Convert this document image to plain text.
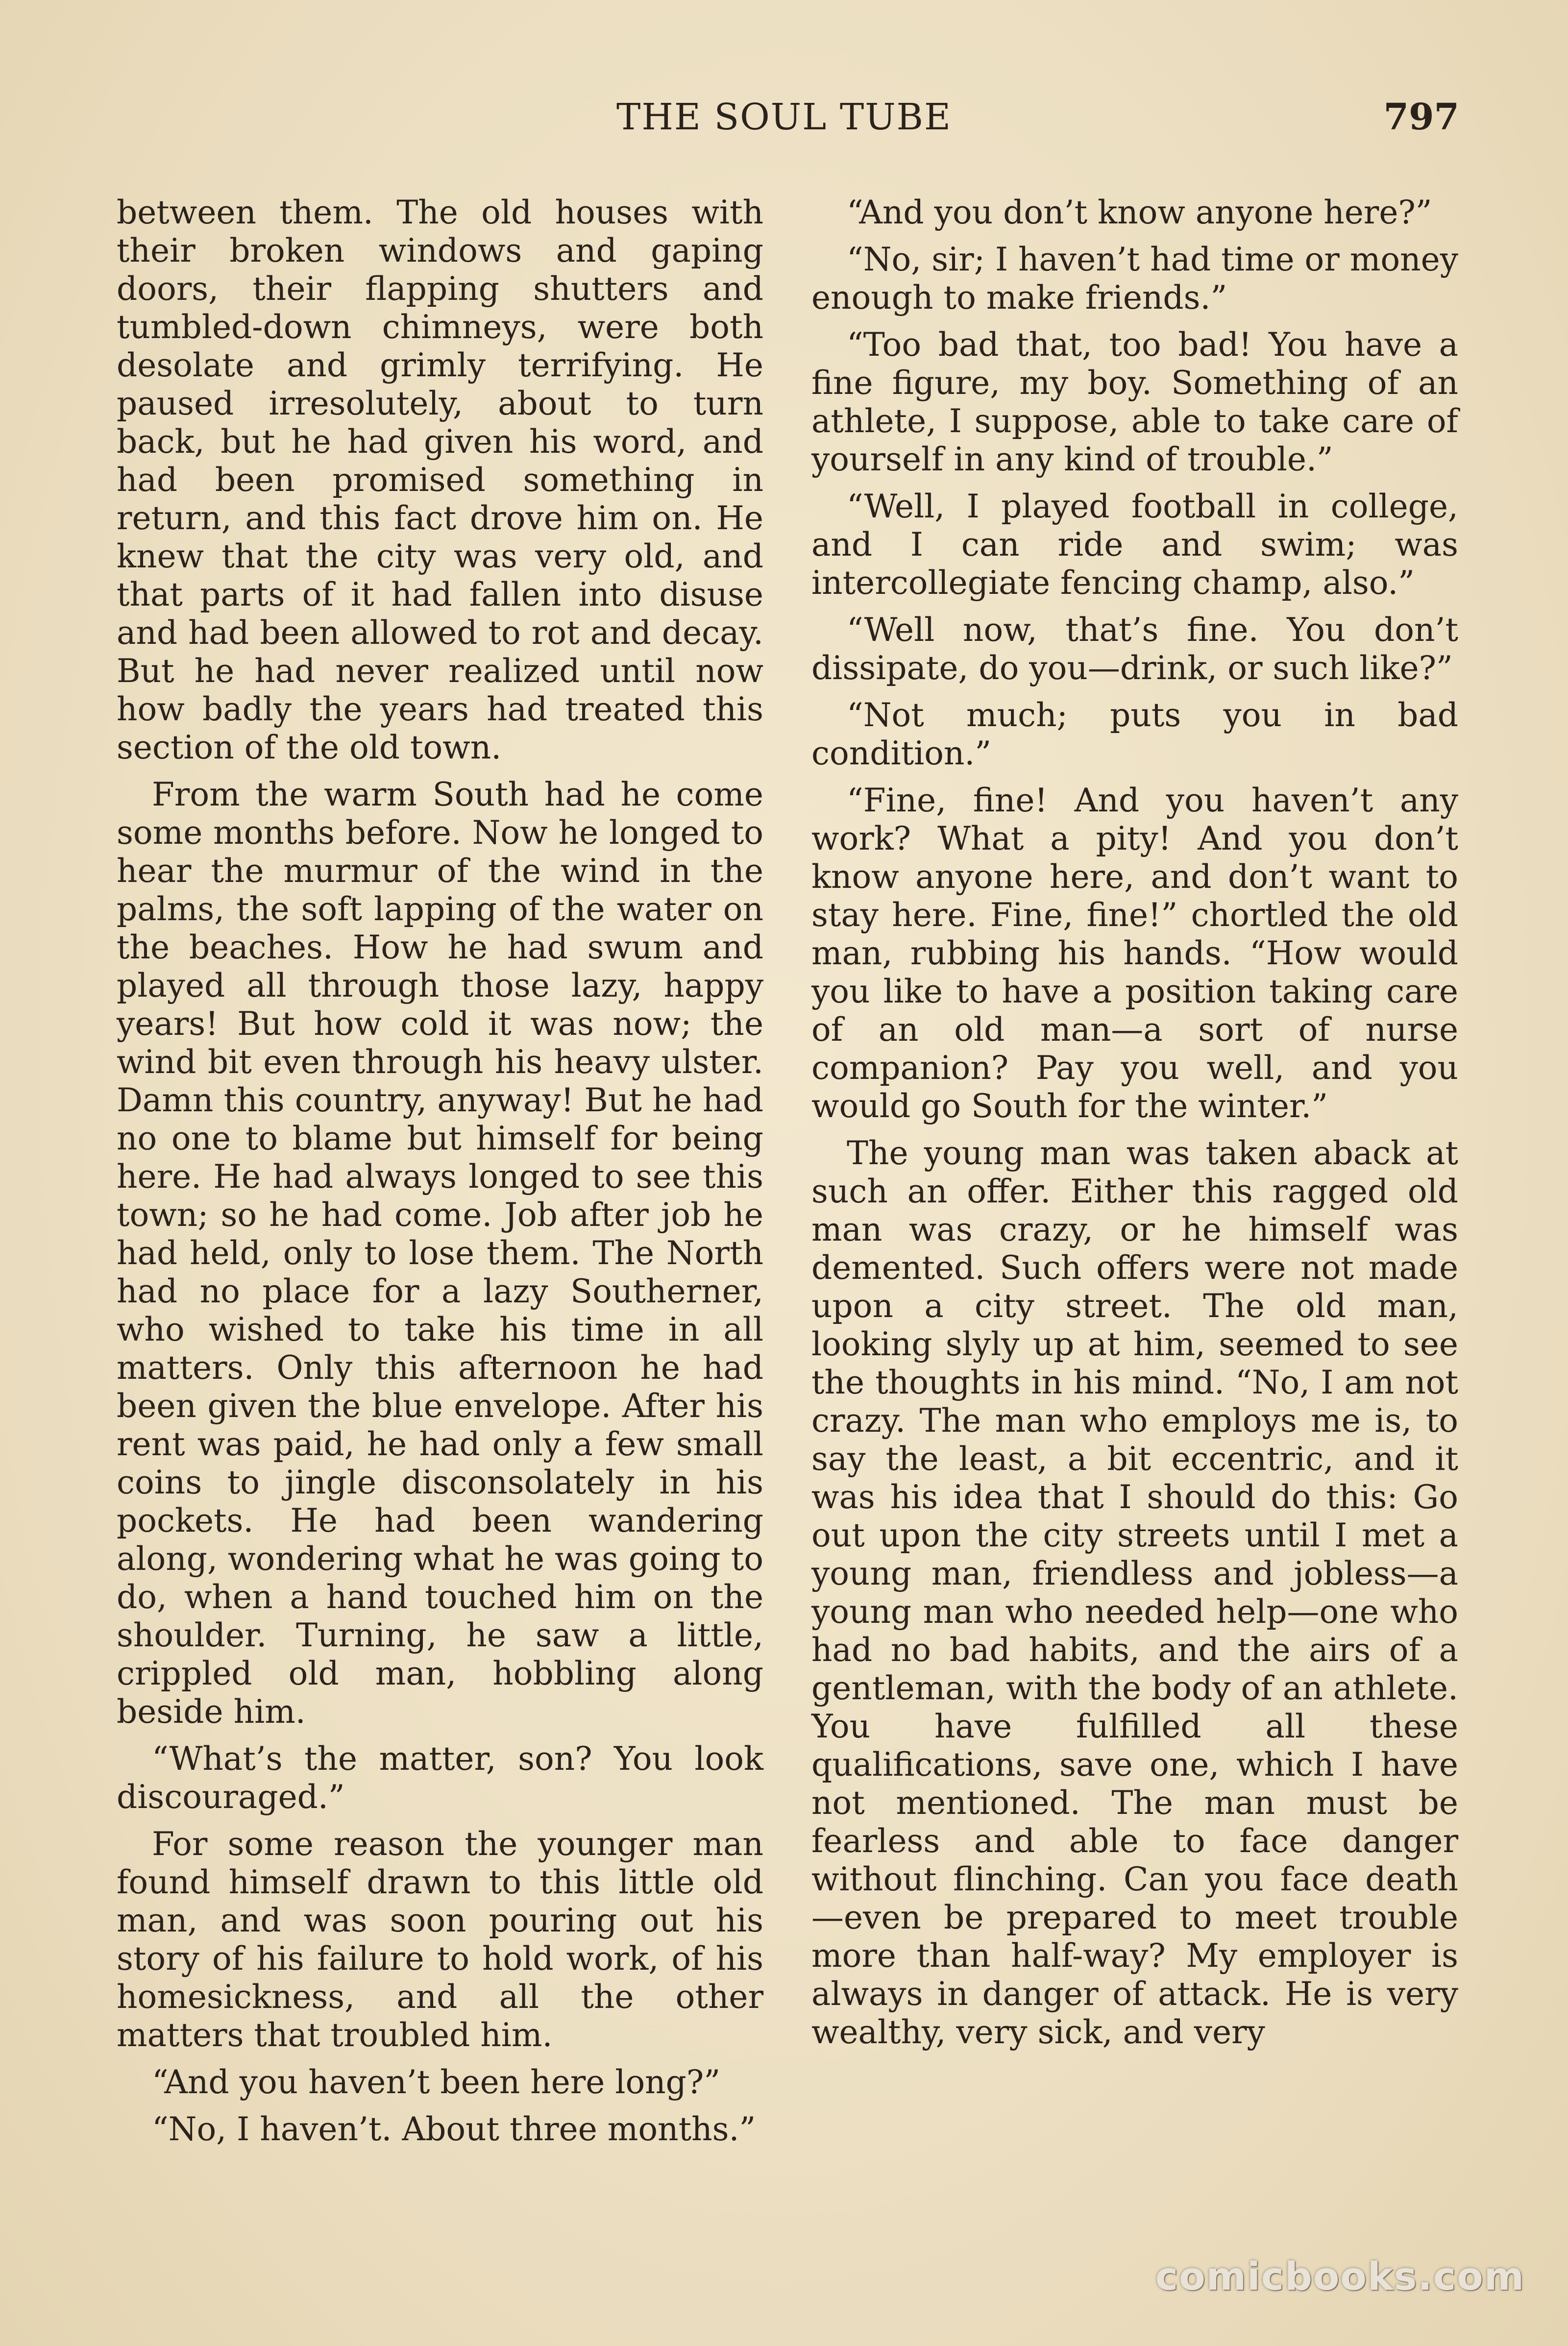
THE SOUL TUBE	797

between them. The old houses with their broken windows and gaping doors, their flapping shutters and tumbled-down chimneys, were both desolate and grimly terrifying. He paused irresolutely, about to turn back, but he had given his word, and had been promised something in return, and this fact drove him on. He knew that the city was very old, and that parts of it had fallen into disuse and had been allowed to rot and decay. But he had never realized until now how badly the years had treated this section of the old town.

From the warm South had he come some months before. Now he longed to hear the murmur of the wind in the palms, the soft lapping of the water on the beaches. How he had swum and played all through those lazy, happy years! But how cold it was now; the wind bit even through his heavy ulster. Damn this country, anyway! But he had no one to blame but himself for being here. He had always longed to see this town; so he had come. Job after job he had held, only to lose them. The North had no place for a lazy Southerner, who wished to take his time in all matters. Only this afternoon he had been given the blue envelope. After his rent was paid, he had only a few small coins to jingle disconsolately in his pockets. He had been wandering along, wondering what he was going to do, when a hand touched him on the shoulder. Turning, he saw a little, crippled old man, hobbling along beside him.

“What’s the matter, son? You look discouraged.”

For some reason the younger man found himself drawn to this little old man, and was soon pouring out his story of his failure to hold work, of his homesickness, and all the other matters that troubled him.

“And you haven’t been here long?”

“No, I haven’t. About three months.”

“And you don’t know anyone here?”

“No, sir; I haven’t had time or money enough to make friends.”

“Too bad that, too bad! You have a fine figure, my boy. Something of an athlete, I suppose, able to take care of yourself in any kind of trouble.”

“Well, I played football in college, and I can ride and swim; was intercollegiate fencing champ, also.”

“Well now, that’s fine. You don’t dissipate, do you—drink, or such like?”

“Not much; puts you in bad condition.”

“Fine, fine! And you haven’t any work? What a pity! And you don’t know anyone here, and don’t want to stay here. Fine, fine!” chortled the old man, rubbing his hands. “How would you like to have a position taking care of an old man—a sort of nurse companion? Pay you well, and you would go South for the winter.”

The young man was taken aback at such an offer. Either this ragged old man was crazy, or he himself was demented. Such offers were not made upon a city street. The old man, looking slyly up at him, seemed to see the thoughts in his mind. “No, I am not crazy. The man who employs me is, to say the least, a bit eccentric, and it was his idea that I should do this: Go out upon the city streets until I met a young man, friendless and jobless—a young man who needed help—one who had no bad habits, and the airs of a gentleman, with the body of an athlete. You have fulfilled all these qualifications, save one, which I have not mentioned. The man must be fearless and able to face danger without flinching. Can you face death—even be prepared to meet trouble more than half-way? My employer is always in danger of attack. He is very wealthy, very sick, and very

comicbooks.com
